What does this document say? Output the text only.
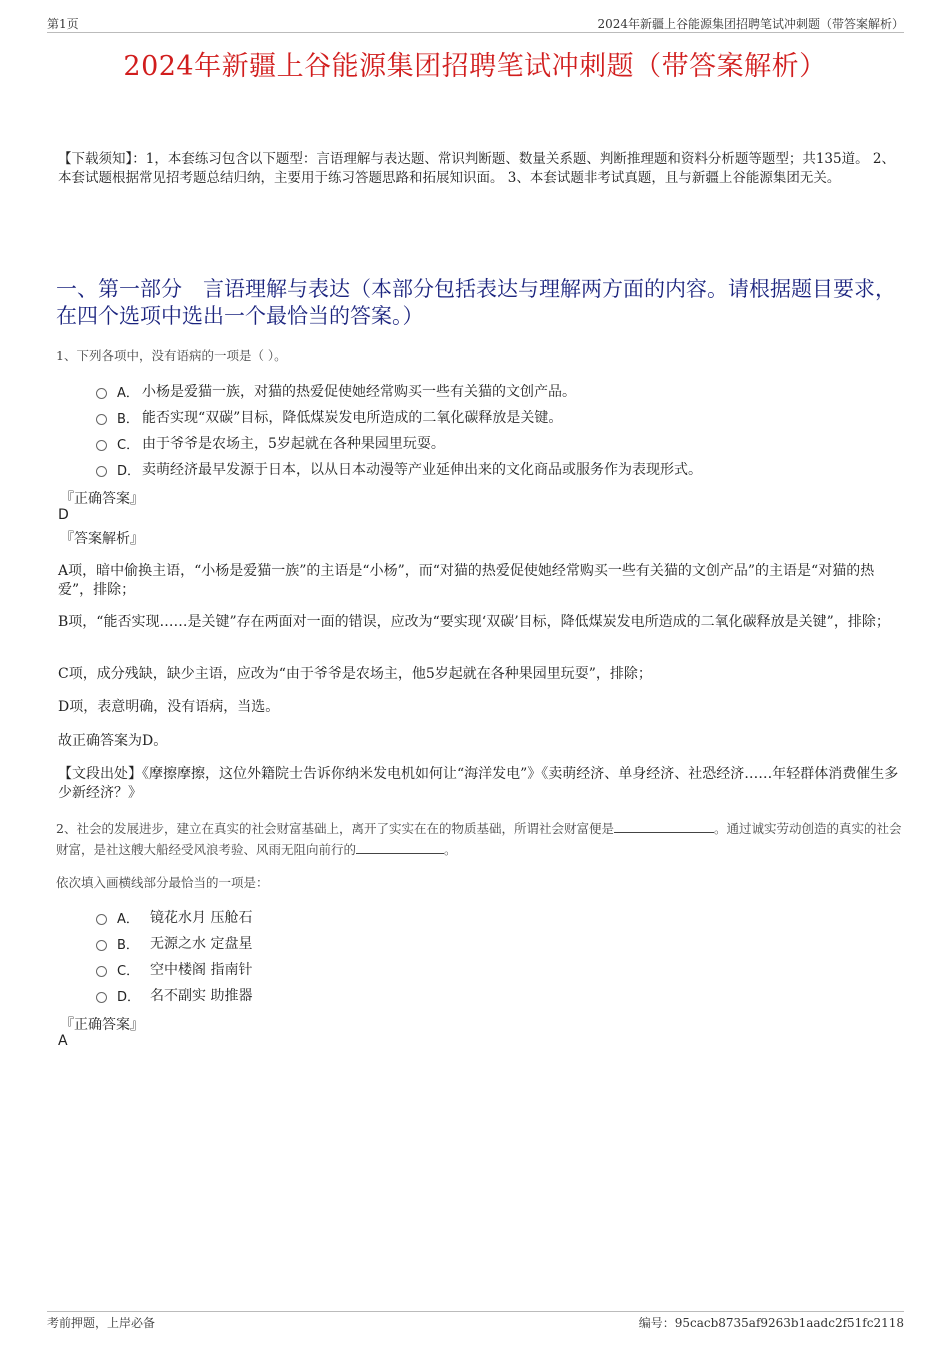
第1页	2024年新疆上谷能源集团招聘笔试冲刺题（带答案解析）
2024年新疆上谷能源集团招聘笔试冲刺题（带答案解析）
【下载须知】：1，本套练习包含以下题型：言语理解与表达题、常识判断题、数量关系题、判断推理题和资料分析题等题型；共135道。 2、本套试题根据常见招考题总结归纳，主要用于练习答题思路和拓展知识面。 3、本套试题非考试真题，且与新疆上谷能源集团无关。
一、第一部分　言语理解与表达（本部分包括表达与理解两方面的内容。请根据题目要求，在四个选项中选出一个最恰当的答案。）
1、下列各项中，没有语病的一项是（ ）。
A． 小杨是爱猫一族，对猫的热爱促使她经常购买一些有关猫的文创产品。
B． 能否实现“双碳”目标，降低煤炭发电所造成的二氧化碳释放是关键。
C． 由于爷爷是农场主，5岁起就在各种果园里玩耍。
D． 卖萌经济最早发源于日本，以从日本动漫等产业延伸出来的文化商品或服务作为表现形式。
『正确答案』
D
『答案解析』
A项，暗中偷换主语，“小杨是爱猫一族”的主语是“小杨”，而“对猫的热爱促使她经常购买一些有关猫的文创产品”的主语是“对猫的热爱”，排除；
B项，“能否实现……是关键”存在两面对一面的错误，应改为“要实现‘双碳’目标，降低煤炭发电所造成的二氧化碳释放是关键”，排除；
C项，成分残缺，缺少主语，应改为“由于爷爷是农场主，他5岁起就在各种果园里玩耍”，排除；
D项，表意明确，没有语病，当选。
故正确答案为D。
【文段出处】《摩擦摩擦，这位外籍院士告诉你纳米发电机如何让“海洋发电”》《卖萌经济、单身经济、社恐经济……年轻群体消费催生多少新经济？》
2、社会的发展进步，建立在真实的社会财富基础上，离开了实实在在的物质基础，所谓社会财富便是	。通过诚实劳动创造的真实的社会财富，是社这艘大船经受风浪考验、风雨无阻向前行的	。
依次填入画横线部分最恰当的一项是：
A． 镜花水月 压舱石
B． 无源之水 定盘星
C． 空中楼阁 指南针
D． 名不副实 助推器
『正确答案』
A
考前押题，上岸必备	编号：95cacb8735af9263b1aadc2f51fc2118
